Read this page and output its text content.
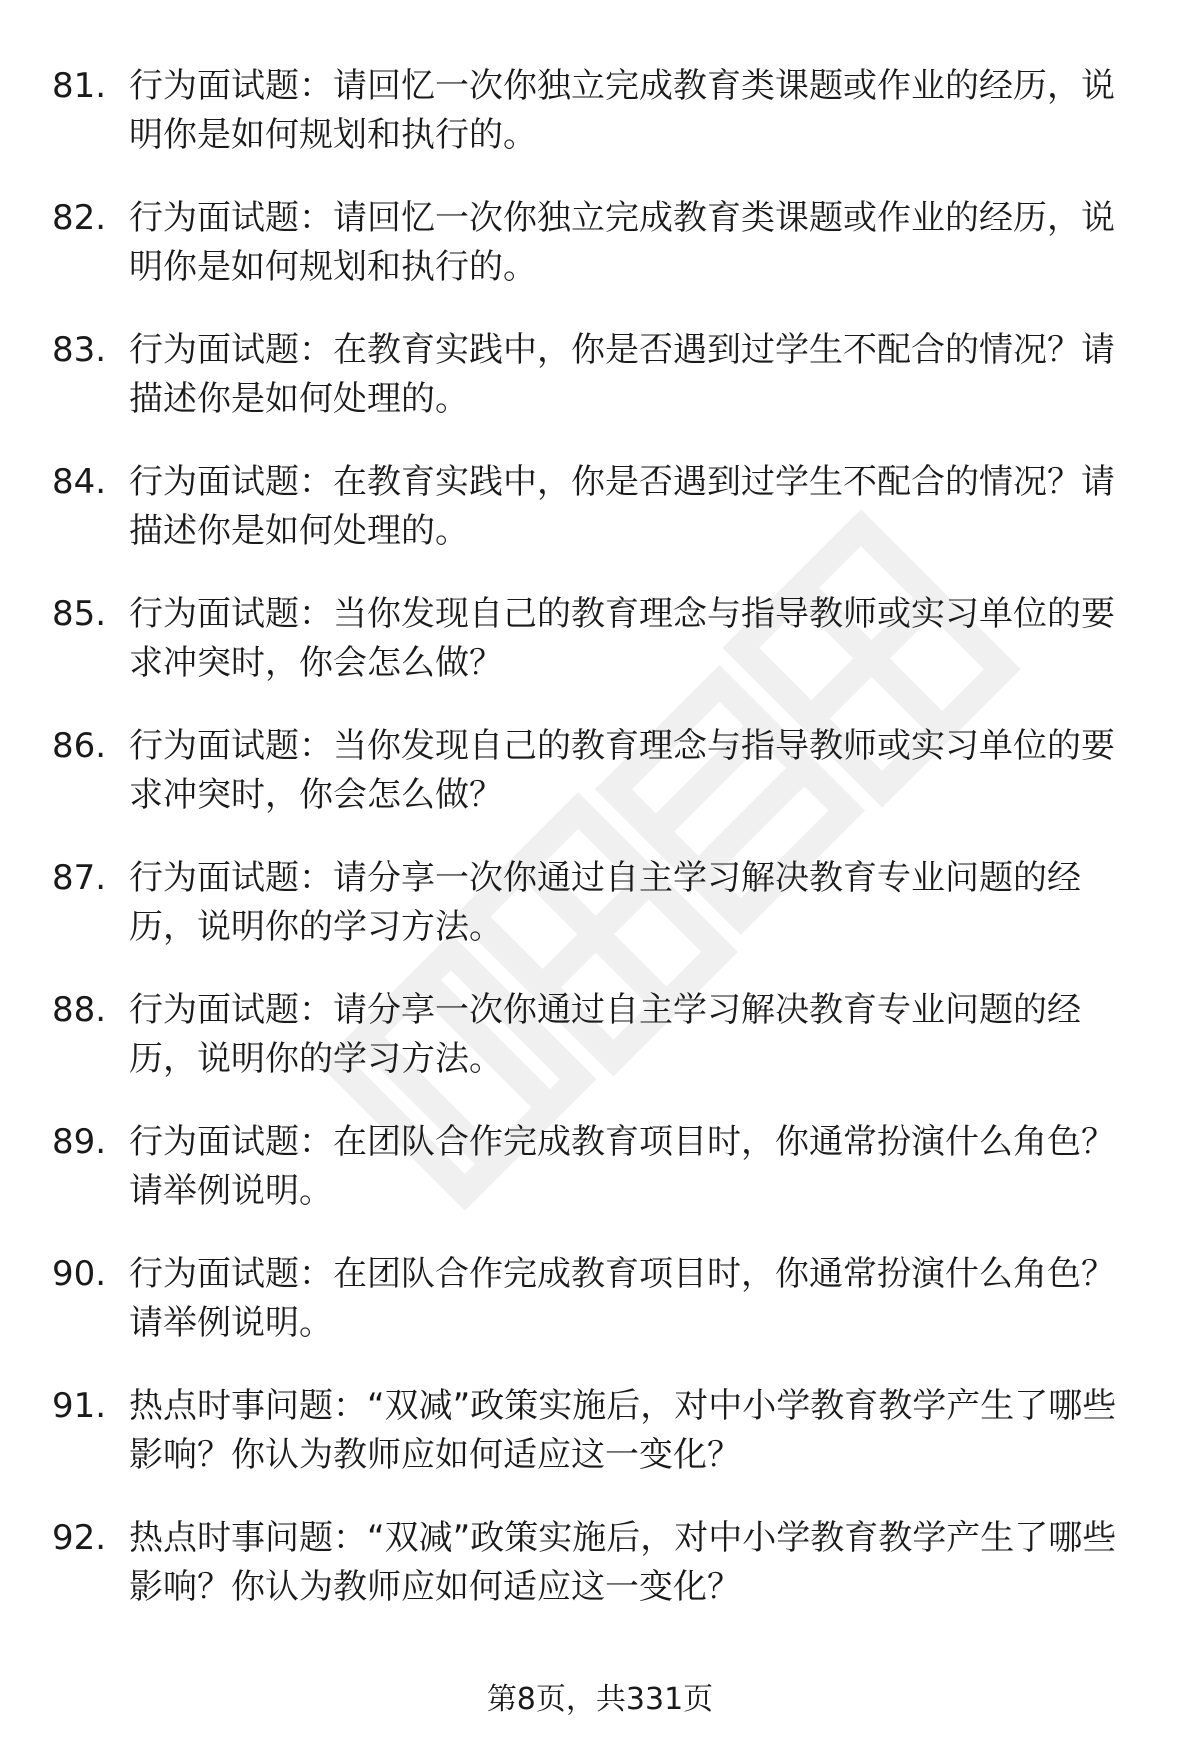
81. 行为面试题：请回忆一次你独立完成教育类课题或作业的经历，说明你是如何规划和执行的。
82. 行为面试题：请回忆一次你独立完成教育类课题或作业的经历，说明你是如何规划和执行的。
83. 行为面试题：在教育实践中，你是否遇到过学生不配合的情况？请描述你是如何处理的。
84. 行为面试题：在教育实践中，你是否遇到过学生不配合的情况？请描述你是如何处理的。
85. 行为面试题：当你发现自己的教育理念与指导教师或实习单位的要求冲突时，你会怎么做？
86. 行为面试题：当你发现自己的教育理念与指导教师或实习单位的要求冲突时，你会怎么做？
87. 行为面试题：请分享一次你通过自主学习解决教育专业问题的经历，说明你的学习方法。
88. 行为面试题：请分享一次你通过自主学习解决教育专业问题的经历，说明你的学习方法。
89. 行为面试题：在团队合作完成教育项目时，你通常扮演什么角色？请举例说明。
90. 行为面试题：在团队合作完成教育项目时，你通常扮演什么角色？请举例说明。
91. 热点时事问题：“双减”政策实施后，对中小学教育教学产生了哪些影响？你认为教师应如何适应这一变化？
92. 热点时事问题：“双减”政策实施后，对中小学教育教学产生了哪些影响？你认为教师应如何适应这一变化？
第8页，共331页
